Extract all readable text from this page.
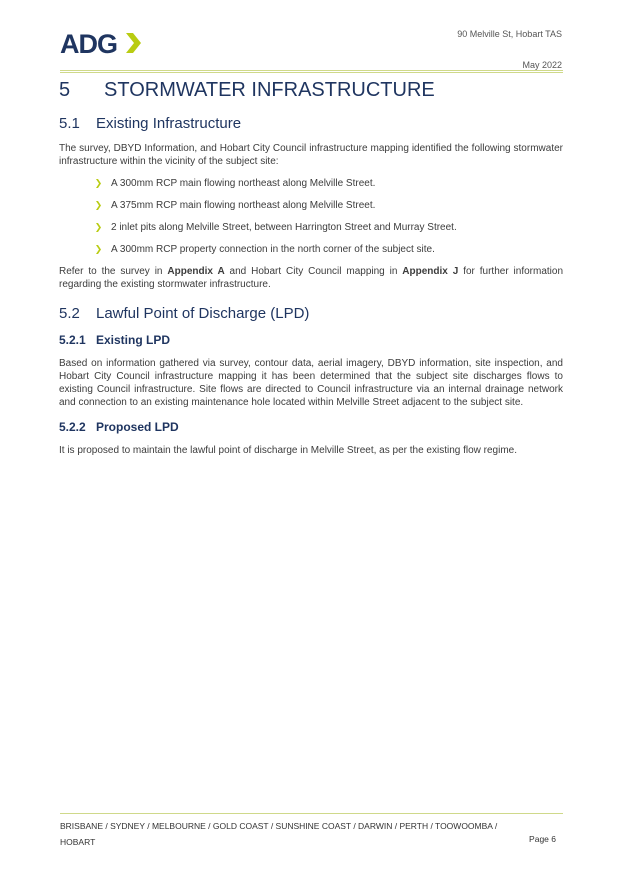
ADG	90 Melville St, Hobart TAS
May 2022
5	STORMWATER INFRASTRUCTURE
5.1	Existing Infrastructure

The survey, DBYD Information, and Hobart City Council infrastructure mapping identified the following stormwater infrastructure within the vicinity of the subject site:

A 300mm RCP main flowing northeast along Melville Street.
A 375mm RCP main flowing northeast along Melville Street.
2 inlet pits along Melville Street, between Harrington Street and Murray Street.
A 300mm RCP property connection in the north corner of the subject site.

Refer to the survey in Appendix A and Hobart City Council mapping in Appendix J for further information regarding the existing stormwater infrastructure.

5.2	Lawful Point of Discharge (LPD)
5.2.1 Existing LPD

Based on information gathered via survey, contour data, aerial imagery, DBYD information, site inspection, and Hobart City Council infrastructure mapping it has been determined that the subject site discharges flows to existing Council infrastructure. Site flows are directed to Council infrastructure via an internal drainage network and connection to an existing maintenance hole located within Melville Street adjacent to the subject site.

5.2.2 Proposed LPD

It is proposed to maintain the lawful point of discharge in Melville Street, as per the existing flow regime.

BRISBANE / SYDNEY / MELBOURNE / GOLD COAST / SUNSHINE COAST / DARWIN / PERTH / TOOWOOMBA / HOBART	Page 6
